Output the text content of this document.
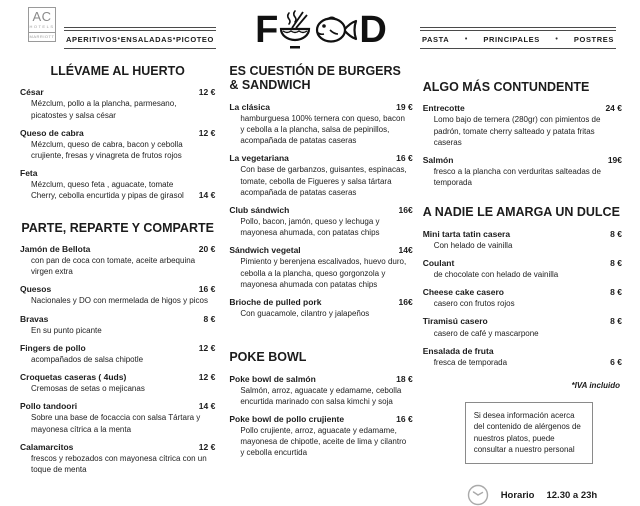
AC
HOTELS
MARRIOTT APERITIVOS • ENSALADAS • PICOTEO F D	PASTA • PRINCIPALES • POSTRES
LLÉVAME AL HUERTO
César	12 €
Mézclum, pollo a la plancha, parmesano, picatostes y salsa césar
Queso de cabra	12 €
Mézclum, queso de cabra, bacon y cebolla crujiente, fresas y vinagreta de frutos rojos
Feta
Mézclum, queso feta , aguacate, tomate Cherry, cebolla encurtida y pipas de girasol	14 €
PARTE, REPARTE Y COMPARTE
Jamón de Bellota	20 €
con pan de coca con tomate, aceite arbequina virgen extra
Quesos	16 €
Nacionales y DO con mermelada de higos y picos
Bravas	8 €
En su punto picante
Fingers de pollo	12 €
acompañados de salsa chipotle
Croquetas caseras ( 4uds)	12 €
Cremosas de setas o mejicanas
Pollo tandoori	14 €
Sobre una base de focaccia con salsa Tártara y mayonesa cítrica a la menta
Calamarcitos	12 €
frescos y rebozados con mayonesa cítrica con un toque de menta
ES CUESTIÓN DE BURGERS & SANDWICH
La clásica	19 €
hamburguesa 100% ternera con queso, bacon y cebolla a la plancha, salsa de pepinillos, acompañada de patatas caseras
La vegetariana	16 €
Con base de garbanzos, guisantes, espinacas, tomate, cebolla de Figueres y salsa tártara acompañada de patatas caseras
Club sándwich	16€
Pollo, bacon, jamón, queso y lechuga y mayonesa ahumada, con patatas chips
Sándwich vegetal	14€
Pimiento y berenjena escalivados, huevo duro, cebolla a la plancha, queso gorgonzola y mayonesa ahumada con patatas chips
Brioche de pulled pork	16€
Con guacamole, cilantro y jalapeños
POKE BOWL
Poke bowl de salmón	18 €
Salmón, arroz, aguacate y edamame, cebolla encurtida marinado con salsa kimchi y soja
Poke bowl de pollo crujiente	16 €
Pollo crujiente, arroz, aguacate y edamame, mayonesa de chipotle, aceite de lima y cilantro y cebolla encurtida
ALGO MÁS CONTUNDENTE
Entrecotte	24 €
Lomo bajo de ternera (280gr) con pimientos de padrón, tomate cherry salteado y patata fritas caseras
Salmón	19€
fresco a la plancha con verduritas salteadas de temporada
A NADIE LE AMARGA UN DULCE
Mini tarta tatin casera	8 €
Con helado de vainilla
Coulant	8 €
de chocolate con helado de vainilla
Cheese cake casero	8 €
casero con frutos rojos
Tiramisú casero	8 €
casero de café y mascarpone
Ensalada de fruta
fresca de temporada	6 €
*IVA incluido
Si desea información acerca del contenido de alérgenos de nuestros platos, puede consultar a nuestro personal
Horario 12.30 a 23h
